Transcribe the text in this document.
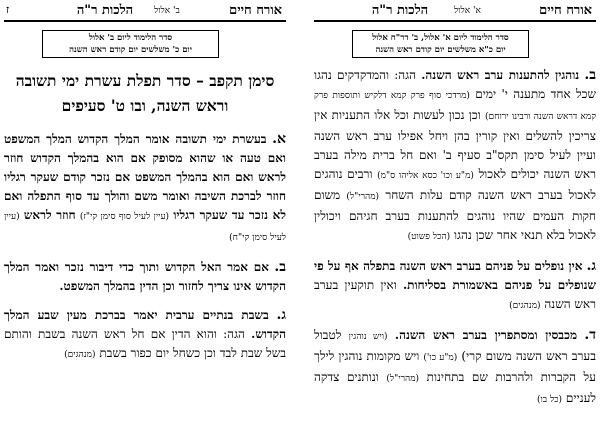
ז	הלכות ר"ה	ב' אלול	אורח חיים
סדר הלימוד ליום ב' אלול
יום כ' משלשים יום קודם ראש השנה
סימן תקפב – סדר תפלת עשרת ימי תשובה וראש השנה, ובו ט' סעיפים

א. בעשרת ימי תשובה אומר המלך הקדוש המלך המשפט ואם טעה או שהוא מסופק אם הוא בהמלך הקדוש חוזר לראש ואם הוא בהמלך המשפט אם נזכר קודם שעקר רגליו חוזר לברכת השיבה ואומר משם והולך עד סוף התפלה ואם לא נזכר עד שעקר רגליו (עיין לעיל סוף סימן קי"ז) חוזר לראש (עיין לעיל סימן קי"ח)

ב. אם אמר האל הקדוש ותוך כדי דיבור נזכר ואמר המלך הקדוש אינו צריך לחזור וכן הדין בהמלך המשפט.

ג. בשבת בנתיים ערבית יאמר בברכת מעין שבע המלך הקדוש. הגה: והוא הדין אם חל ראש השנה בשבת והותם בשל שבת לבד וכן כשחל יום כפור בשבת (מנהגים)

הלכות ר"ה	א' אלול	אורח חיים
סדר הלימוד ליום א' אלול, ב' דר"ח אלול
יום כ"א משלשים יום קודם ראש השנה

ב. נוהגין להתענות ערב ראש השנה. הגה: והמדקדקים נהגו שכל אחד מתענה י' ימים (מרדכי סוף פרק קמא דלקיש ותוספות פרק קמא דראש השנה ורבינו ירוחם) וכן נכון לעשות וכל אלו התעניות אין צריכין להשלים ואין קורין בהן ויחל אפילו ערב ראש השנה ועיין לעיל סימן תקס"ב סעיף ב' ואם חל ברית מילה בערב ראש השנה יכולים לאכול (מ"ע וכו' כסא אליהו ס"מ) ורבים נוהגים לאכול בערב ראש השנה קודם עלות השחר (מהרי"ל) משום חקות העמים שהיו נוהגים להתענות בערב חגיהם ויכולין לאכול בלא תנאי אחר שכן נהגו (הכל פשוט)

ג. אין נופלים על פניהם בערב ראש השנה בתפלה אף על פי שנופלים על פניהם באשמורת בסליחות. ואין תוקעין בערב ראש השנה (מנהגים)

ד. מכבסין ומסתפרין בערב ראש השנה. (ויש נוהגין לטבול בערב ראש השנה משום קרי) (מ"ע כו') ויש מקומות נוהגין לילך על הקברות ולהרבות שם בתחינות (מהרי"ל) ונותנים צדקה לעניים (כל בו)
